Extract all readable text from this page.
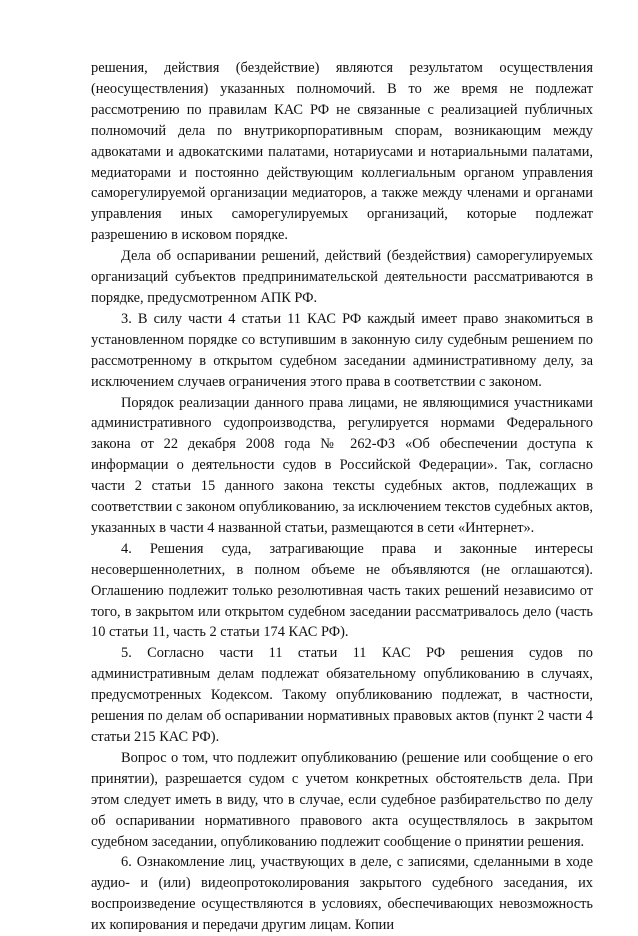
решения, действия (бездействие) являются результатом осуществления (неосуществления) указанных полномочий. В то же время не подлежат рассмотрению по правилам КАС РФ не связанные с реализацией публичных полномочий дела по внутрикорпоративным спорам, возникающим между адвокатами и адвокатскими палатами, нотариусами и нотариальными палатами, медиаторами и постоянно действующим коллегиальным органом управления саморегулируемой организации медиаторов, а также между членами и органами управления иных саморегулируемых организаций, которые подлежат разрешению в исковом порядке.

Дела об оспаривании решений, действий (бездействия) саморегулируемых организаций субъектов предпринимательской деятельности рассматриваются в порядке, предусмотренном АПК РФ.

3. В силу части 4 статьи 11 КАС РФ каждый имеет право знакомиться в установленном порядке со вступившим в законную силу судебным решением по рассмотренному в открытом судебном заседании административному делу, за исключением случаев ограничения этого права в соответствии с законом.

Порядок реализации данного права лицами, не являющимися участниками административного судопроизводства, регулируется нормами Федерального закона от 22 декабря 2008 года № 262-ФЗ «Об обеспечении доступа к информации о деятельности судов в Российской Федерации». Так, согласно части 2 статьи 15 данного закона тексты судебных актов, подлежащих в соответствии с законом опубликованию, за исключением текстов судебных актов, указанных в части 4 названной статьи, размещаются в сети «Интернет».

4. Решения суда, затрагивающие права и законные интересы несовершеннолетних, в полном объеме не объявляются (не оглашаются). Оглашению подлежит только резолютивная часть таких решений независимо от того, в закрытом или открытом судебном заседании рассматривалось дело (часть 10 статьи 11, часть 2 статьи 174 КАС РФ).

5. Согласно части 11 статьи 11 КАС РФ решения судов по административным делам подлежат обязательному опубликованию в случаях, предусмотренных Кодексом. Такому опубликованию подлежат, в частности, решения по делам об оспаривании нормативных правовых актов (пункт 2 части 4 статьи 215 КАС РФ).

Вопрос о том, что подлежит опубликованию (решение или сообщение о его принятии), разрешается судом с учетом конкретных обстоятельств дела. При этом следует иметь в виду, что в случае, если судебное разбирательство по делу об оспаривании нормативного правового акта осуществлялось в закрытом судебном заседании, опубликованию подлежит сообщение о принятии решения.

6. Ознакомление лиц, участвующих в деле, с записями, сделанными в ходе аудио- и (или) видеопротоколирования закрытого судебного заседания, их воспроизведение осуществляются в условиях, обеспечивающих невозможность их копирования и передачи другим лицам. Копии
